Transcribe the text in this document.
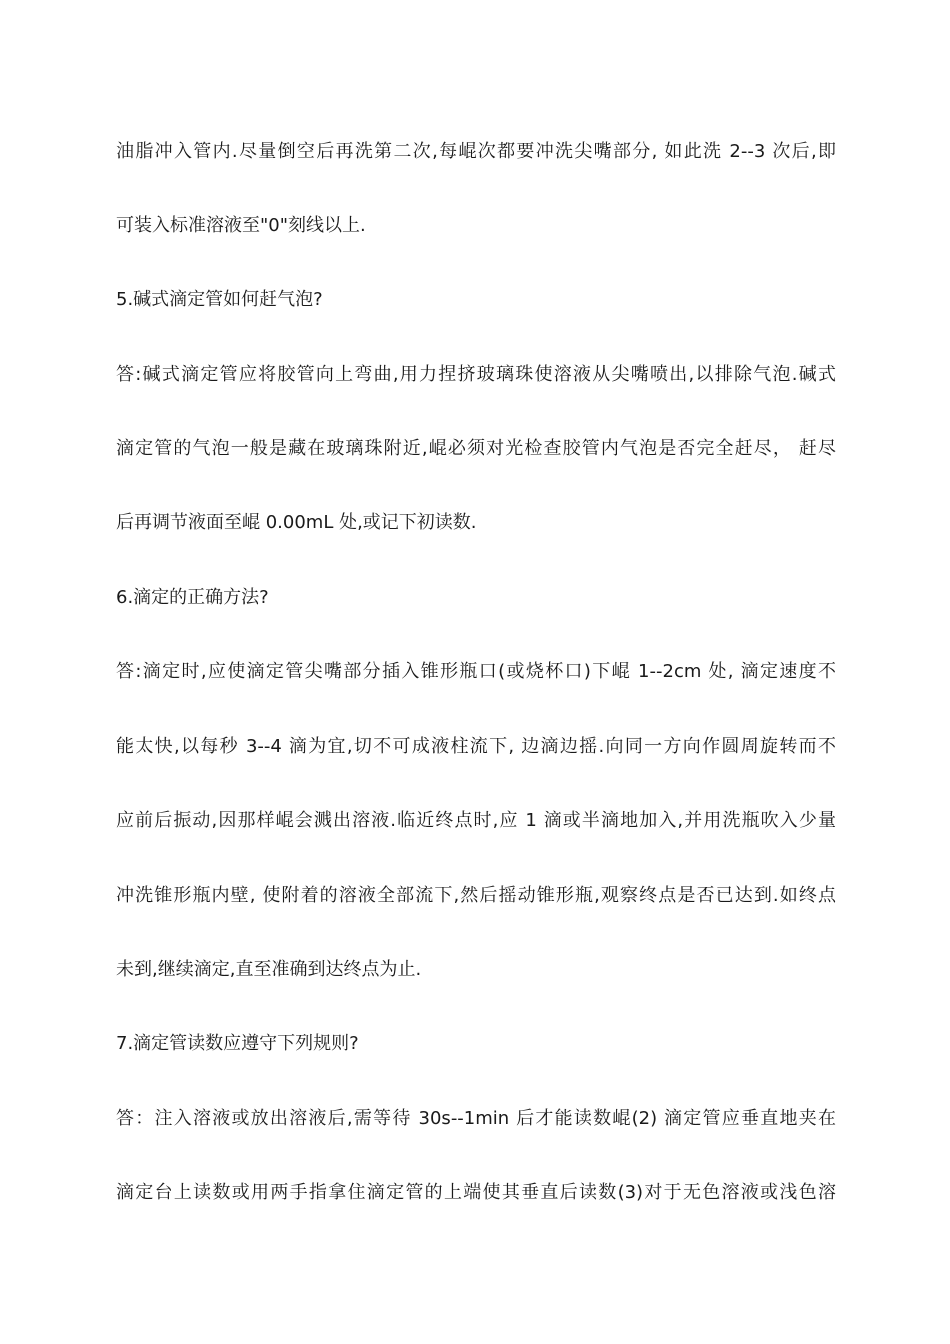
油脂冲入管内.尽量倒空后再洗第二次,每崐次都要冲洗尖嘴部分, 如此洗 2--3 次后,即
可装入标准溶液至"0"刻线以上.
5.碱式滴定管如何赶气泡?
答:碱式滴定管应将胶管向上弯曲,用力捏挤玻璃珠使溶液从尖嘴喷出,以排除气泡.碱式
滴定管的气泡一般是藏在玻璃珠附近,崐必须对光检查胶管内气泡是否完全赶尽， 赶尽
后再调节液面至崐 0.00mL 处,或记下初读数.
6.滴定的正确方法?
答:滴定时,应使滴定管尖嘴部分插入锥形瓶口(或烧杯口)下崐 1--2cm 处, 滴定速度不
能太快,以每秒 3--4 滴为宜,切不可成液柱流下, 边滴边摇.向同一方向作圆周旋转而不
应前后振动,因那样崐会溅出溶液.临近终点时,应 1 滴或半滴地加入,并用洗瓶吹入少量
冲洗锥形瓶内壁, 使附着的溶液全部流下,然后摇动锥形瓶,观察终点是否已达到.如终点
未到,继续滴定,直至准确到达终点为止.
7.滴定管读数应遵守下列规则?
答：注入溶液或放出溶液后,需等待 30s--1min 后才能读数崐(2) 滴定管应垂直地夹在
滴定台上读数或用两手指拿住滴定管的上端使其垂直后读数(3)对于无色溶液或浅色溶
